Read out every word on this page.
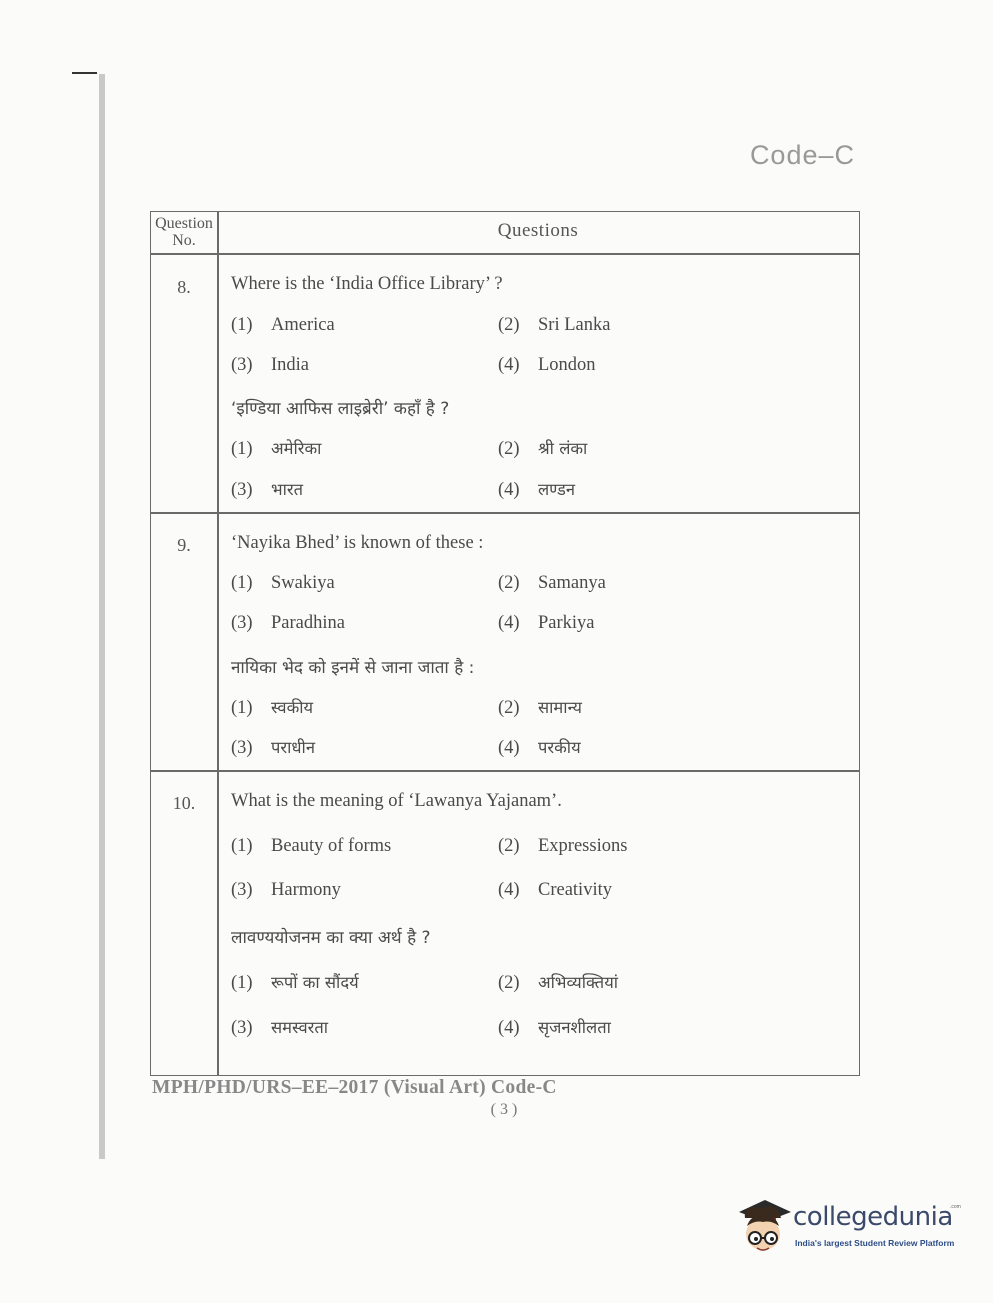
Code–C
Question No.	Questions
8.	Where is the ‘India Office Library’ ?
(1) America	(2) Sri Lanka
(3) India	(4) London
‘इण्डिया आफिस लाइब्रेरी’ कहाँ है ?
(1) अमेरिका	(2) श्री लंका
(3) भारत	(4) लण्डन
9.	‘Nayika Bhed’ is known of these :
(1) Swakiya	(2) Samanya
(3) Paradhina	(4) Parkiya
नायिका भेद को इनमें से जाना जाता है :
(1) स्वकीय	(2) सामान्य
(3) पराधीन	(4) परकीय
10.	What is the meaning of ‘Lawanya Yajanam’.
(1) Beauty of forms	(2) Expressions
(3) Harmony	(4) Creativity
लावण्ययोजनम का क्या अर्थ है ?
(1) रूपों का सौंदर्य	(2) अभिव्यक्तियां
(3) समस्वरता	(4) सृजनशीलता
MPH/PHD/URS–EE–2017 (Visual Art) Code-C
( 3 )
collegedunia
.com
India's largest Student Review Platform
